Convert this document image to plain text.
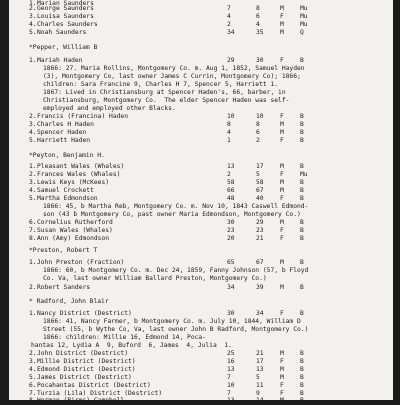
1. Marian Saunders
2. George Saunders	7	8	M	Mu
3. Louisa Saunders	4	6	F	Mu
4. Charles Saunders	2	4	M	Mu
5. Noah Saunders	34	35	M	Q
*Pepper, William B
1. Mariah Haden	29	30	F	B
1866: 27. Maria Rollins, Montgomery Co. m. Aug 1, 1852, Samuel Hayden
(3), Montgomery Co, last owner James C Currin, Montgomery Co); 1866;
children: Sara Francine 9, Charles H 7, Spencer 5, Harriett 1.
1867: Lived in Christiansburg at Spencer Haden's, 66, barber, in
Christiansburg, Montgomery Co.  The elder Spencer Haden was self-
employed and employed other Blacks.
2. Francis (Francina) Haden	10	10	F	B
3. Charles H Haden	8	8	M	B
4. Spencer Haden	4	6	M	B
5. Harriett Haden	1	2	F	B
*Peyton, Benjamin H.
1. Pleasant Wales (Whales)	13	17	M	B
2. Frances Wales (Whales)	2	5	F	Mu
3. Lewis Keys (McKees)	58	58	M	B
4. Samuel Crockett	66	67	M	B
5. Martha Edmondson	48	40	F	B
1866: 45, b Martha Reb, Montgomery Co. m. Nov 10, 1843 Caswell Edmond-
son (43 b Montgomery Co, past owner Maria Edmondson, Montgomery Co.)
6. Cornelius Rutherford	30	29	M	B
7. Susan Wales (Whales)	23	23	F	B
8. Ann (Amy) Edmondson	20	21	F	B
*Preston, Robert T
1. John Preston (Fraction)	65	67	M	B
1866: 60, b Montgomery Co. m. Dec 24, 1859, Fanny Johnson (57, b Floyd
Co. Va, last owner William Ballard Preston, Montgomery Co.)
2. Robert Sanders	34	39	M	B
* Radford, John Blair
1. Nancy District (Destrict)	30	34	F	B
1866: 41, Nancy Farmer, b Montgomery Co. m. July 10, 1844, William D
Street (55, b Wythe Co, Va, last owner John B Radford, Montgomery Co.)
1866: children: Millie 16, Edmond 14, Poca-
hantas 12, Lydia A  9, Buford  6, James  4, Julia  1.
2. John District (Destrict)	25	21	M	B
3. Millie District (Destrict)	16	17	F	B
4. Edmond District (Destrict)	13	13	M	B
5. James District (Destrict)	7	5	M	B
6. Pocahantas District (Destrict)	10	11	F	B
7. Turzia (Lila) District (Destrict)	7	9	F	B
8. Herman (Birms) Campbell	13	14	M	B
